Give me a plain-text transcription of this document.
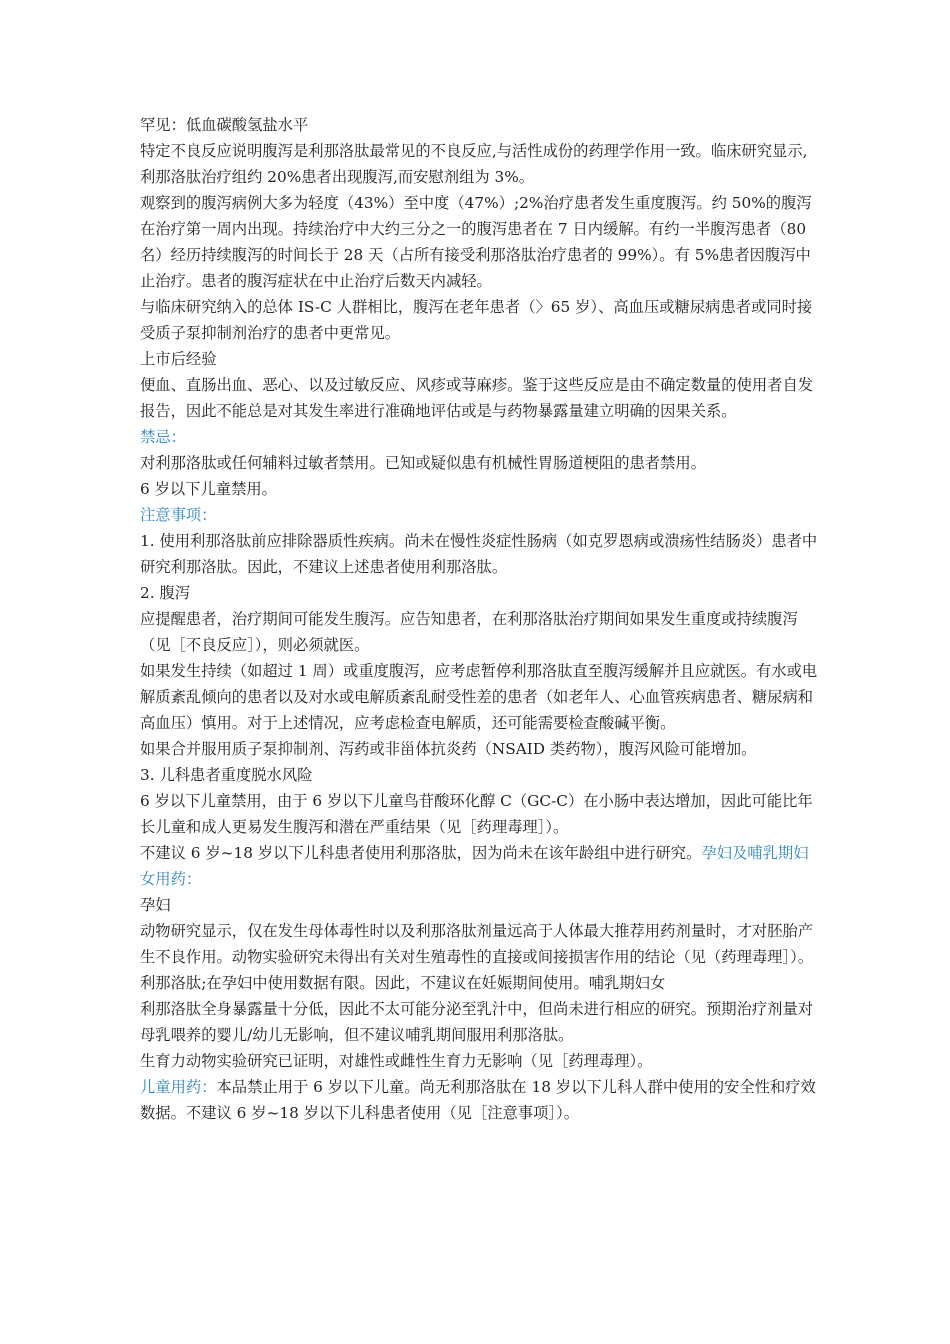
罕见：低血碳酸氢盐水平

特定不良反应说明腹泻是利那洛肽最常见的不良反应,与活性成份的药理学作用一致。临床研究显示,利那洛肽治疗组约 20%患者出现腹泻,而安慰剂组为 3%。

观察到的腹泻病例大多为轻度（43%）至中度（47%）;2%治疗患者发生重度腹泻。约 50%的腹泻在治疗第一周内出现。持续治疗中大约三分之一的腹泻患者在 7 日内缓解。有约一半腹泻患者（80 名）经历持续腹泻的时间长于 28 天（占所有接受利那洛肽治疗患者的 99%）。有 5%患者因腹泻中止治疗。患者的腹泻症状在中止治疗后数天内减轻。

与临床研究纳入的总体 IS-C 人群相比，腹泻在老年患者（〉65 岁）、高血压或糖尿病患者或同时接受质子泵抑制剂治疗的患者中更常见。

上市后经验

便血、直肠出血、恶心、以及过敏反应、风疹或荨麻疹。鉴于这些反应是由不确定数量的使用者自发报告，因此不能总是对其发生率进行准确地评估或是与药物暴露量建立明确的因果关系。

禁忌：

对利那洛肽或任何辅料过敏者禁用。已知或疑似患有机械性胃肠道梗阻的患者禁用。

6 岁以下儿童禁用。

注意事项：

1. 使用利那洛肽前应排除器质性疾病。尚未在慢性炎症性肠病（如克罗恩病或溃疡性结肠炎）患者中研究利那洛肽。因此，不建议上述患者使用利那洛肽。

2. 腹泻

应提醒患者，治疗期间可能发生腹泻。应告知患者，在利那洛肽治疗期间如果发生重度或持续腹泻（见［不良反应］），则必须就医。

如果发生持续（如超过 1 周）或重度腹泻，应考虑暂停利那洛肽直至腹泻缓解并且应就医。有水或电解质紊乱倾向的患者以及对水或电解质紊乱耐受性差的患者（如老年人、心血管疾病患者、糖尿病和高血压）慎用。对于上述情况，应考虑检查电解质，还可能需要检查酸碱平衡。

如果合并服用质子泵抑制剂、泻药或非甾体抗炎药（NSAID 类药物），腹泻风险可能增加。

3. 儿科患者重度脱水风险

6 岁以下儿童禁用，由于 6 岁以下儿童鸟苷酸环化醇 C（GC-C）在小肠中表达增加，因此可能比年长儿童和成人更易发生腹泻和潜在严重结果（见［药理毒理］）。

不建议 6 岁~18 岁以下儿科患者使用利那洛肽，因为尚未在该年龄组中进行研究。孕妇及哺乳期妇女用药：

孕妇

动物研究显示，仅在发生母体毒性时以及利那洛肽剂量远高于人体最大推荐用药剂量时，才对胚胎产生不良作用。动物实验研究未得出有关对生殖毒性的直接或间接损害作用的结论（见（药理毒理］）。利那洛肽;在孕妇中使用数据有限。因此，不建议在妊娠期间使用。哺乳期妇女

利那洛肽全身暴露量十分低，因此不太可能分泌至乳汁中，但尚未进行相应的研究。预期治疗剂量对母乳喂养的婴儿/幼儿无影响，但不建议哺乳期间服用利那洛肽。

生育力动物实验研究已证明，对雄性或雌性生育力无影响（见［药理毒理）。

儿童用药：本品禁止用于 6 岁以下儿童。尚无利那洛肽在 18 岁以下儿科人群中使用的安全性和疗效数据。不建议 6 岁~18 岁以下儿科患者使用（见［注意事项］）。
